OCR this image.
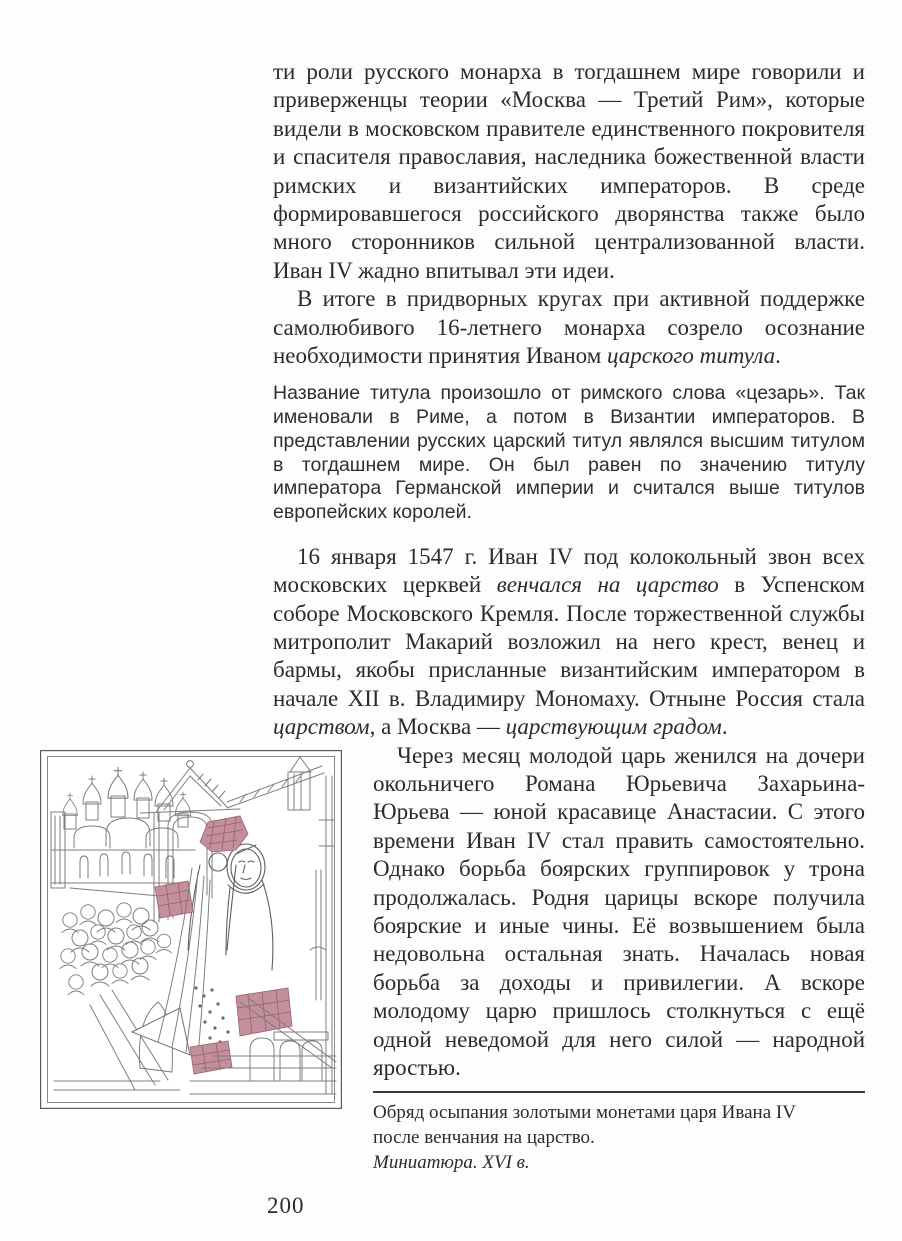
ти роли русского монарха в тогдашнем мире говорили и приверженцы теории «Москва — Третий Рим», которые видели в московском правителе единственного покровителя и спасителя православия, наследника божественной власти римских и византийских императоров. В среде формировавшегося российского дворянства также было много сторонников сильной централизованной власти. Иван IV жадно впитывал эти идеи.

В итоге в придворных кругах при активной поддержке самолюбивого 16-летнего монарха созрело осознание необходимости принятия Иваном царского титула.

Название титула произошло от римского слова «цезарь». Так именовали в Риме, а потом в Византии императоров. В представлении русских царский титул являлся высшим титулом в тогдашнем мире. Он был равен по значению титулу императора Германской империи и считался выше титулов европейских королей.

16 января 1547 г. Иван IV под колокольный звон всех московских церквей венчался на царство в Успенском соборе Московского Кремля. После торжественной службы митрополит Макарий возложил на него крест, венец и бармы, якобы присланные византийским императором в начале XII в. Владимиру Мономаху. Отныне Россия стала царством, а Москва — царствующим градом.

Через месяц молодой царь женился на дочери окольничего Романа Юрьевича Захарьина-Юрьева — юной красавице Анастасии. С этого времени Иван IV стал править самостоятельно. Однако борьба боярских группировок у трона продолжалась. Родня царицы вскоре получила боярские и иные чины. Её возвышением была недовольна остальная знать. Началась новая борьба за доходы и привилегии. А вскоре молодому царю пришлось столкнуться с ещё одной неведомой для него силой — народной яростью.

Обряд осыпания золотыми монетами царя Ивана IV

после венчания на царство.

Миниатюра. XVI в.

200
